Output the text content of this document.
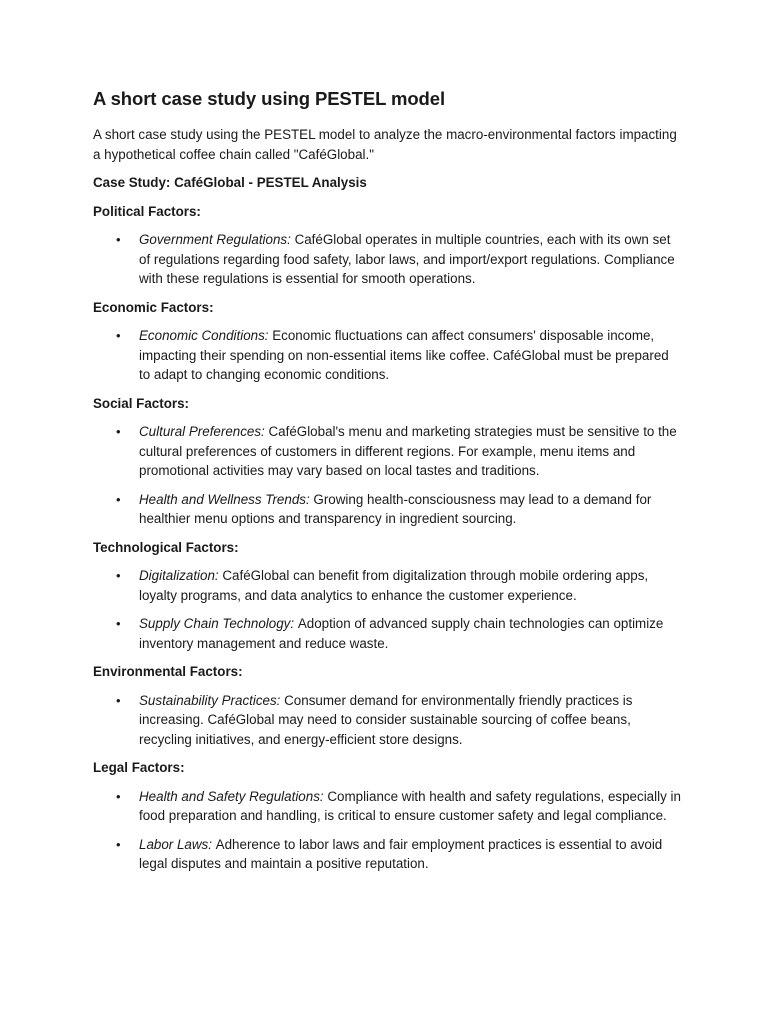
A short case study using PESTEL model

A short case study using the PESTEL model to analyze the macro-environmental factors impacting a hypothetical coffee chain called "CaféGlobal."

Case Study: CaféGlobal - PESTEL Analysis

Political Factors:

• Government Regulations: CaféGlobal operates in multiple countries, each with its own set of regulations regarding food safety, labor laws, and import/export regulations. Compliance with these regulations is essential for smooth operations.

Economic Factors:

• Economic Conditions: Economic fluctuations can affect consumers' disposable income, impacting their spending on non-essential items like coffee. CaféGlobal must be prepared to adapt to changing economic conditions.

Social Factors:

• Cultural Preferences: CaféGlobal's menu and marketing strategies must be sensitive to the cultural preferences of customers in different regions. For example, menu items and promotional activities may vary based on local tastes and traditions.
• Health and Wellness Trends: Growing health-consciousness may lead to a demand for healthier menu options and transparency in ingredient sourcing.

Technological Factors:

• Digitalization: CaféGlobal can benefit from digitalization through mobile ordering apps, loyalty programs, and data analytics to enhance the customer experience.
• Supply Chain Technology: Adoption of advanced supply chain technologies can optimize inventory management and reduce waste.

Environmental Factors:

• Sustainability Practices: Consumer demand for environmentally friendly practices is increasing. CaféGlobal may need to consider sustainable sourcing of coffee beans, recycling initiatives, and energy-efficient store designs.

Legal Factors:

• Health and Safety Regulations: Compliance with health and safety regulations, especially in food preparation and handling, is critical to ensure customer safety and legal compliance.
• Labor Laws: Adherence to labor laws and fair employment practices is essential to avoid legal disputes and maintain a positive reputation.
